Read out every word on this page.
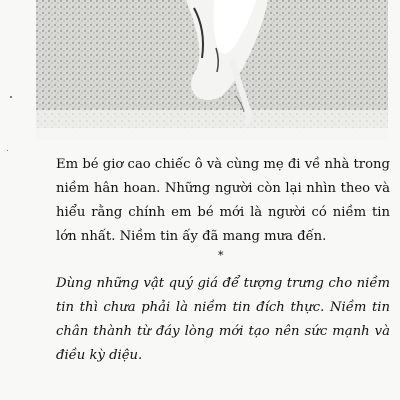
Em bé giơ cao chiếc ô và cùng mẹ đi về nhà trong niềm hân hoan. Những người còn lại nhìn theo và hiểu rằng chính em bé mới là người có niềm tin lớn nhất. Niềm tin ấy đã mang mưa đến.

*

Dùng những vật quý giá để tượng trưng cho niềm tin thì chưa phải là niềm tin đích thực. Niềm tin chân thành từ đáy lòng mới tạo nên sức mạnh và điều kỳ diệu.
